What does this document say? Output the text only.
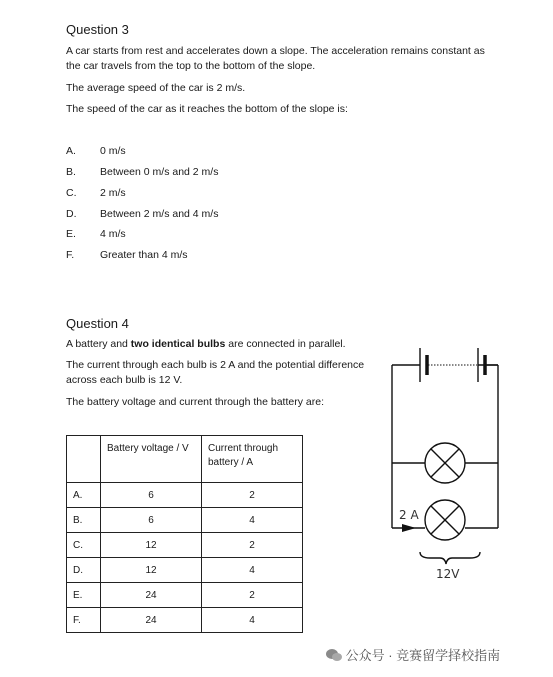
Question 3
A car starts from rest and accelerates down a slope. The acceleration remains constant as
the car travels from the top to the bottom of the slope.
The average speed of the car is 2 m/s.
The speed of the car as it reaches the bottom of the slope is:
A. 0 m/s
B. Between 0 m/s and 2 m/s
C. 2 m/s
D. Between 2 m/s and 4 m/s
E. 4 m/s
F. Greater than 4 m/s
Question 4
A battery and two identical bulbs are connected in parallel.
The current through each bulb is 2 A and the potential difference
across each bulb is 12 V.
The battery voltage and current through the battery are:
	Battery voltage / V	Current through battery / A
A.	6	2
B.	6	4
C.	12	2
D.	12	4
E.	24	2
F.	24	4
2 A
12V
公众号 · 竞赛留学择校指南
